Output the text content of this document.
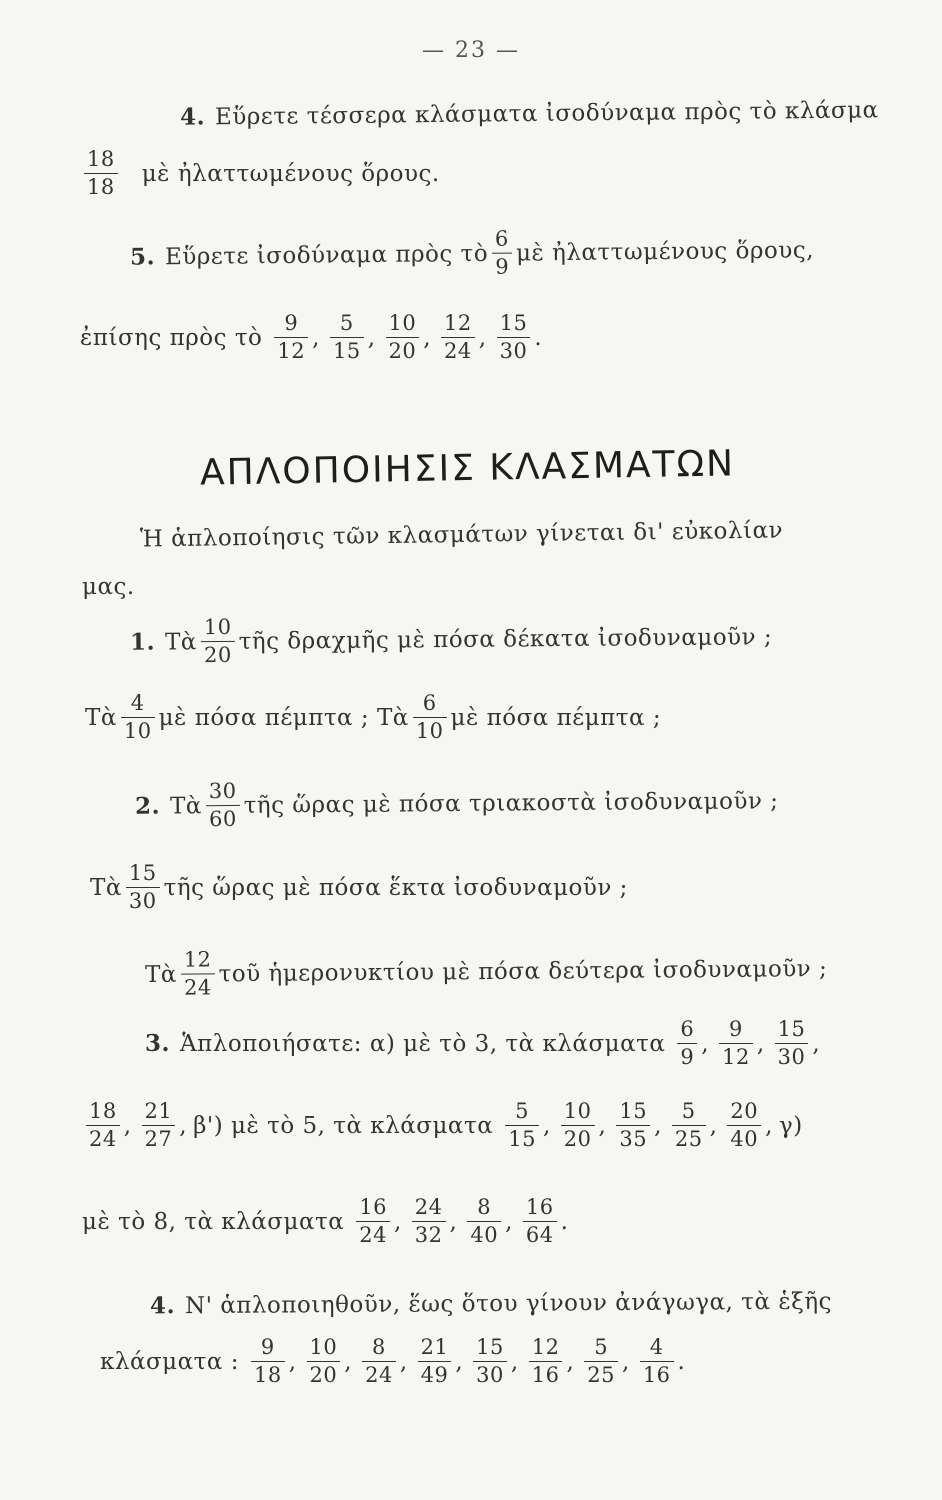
— 23 —
4. Εὕρετε τέσσερα κλάσματα ἰσοδύναμα πρὸς τὸ κλάσμα
$\frac{18}{18}$ μὲ ἠλαττωμένους ὅρους.
5. Εὕρετε ἰσοδύναμα πρὸς τὸ $\frac{6}{9}$ μὲ ἠλαττωμένους ὅρους,
ἐπίσης πρὸς τὸ $\frac{9}{12}$ , $\frac{5}{15}$ , $\frac{10}{20}$ , $\frac{12}{24}$ , $\frac{15}{30}$ .
ΑΠΛΟΠΟΙΗΣΙΣ ΚΛΑΣΜΑΤΩΝ
Ἡ ἁπλοποίησις τῶν κλασμάτων γίνεται δι' εὐκολίαν
μας.
1. Τὰ $\frac{10}{20}$ τῆς δραχμῆς μὲ πόσα δέκατα ἰσοδυναμοῦν ;
Τὰ $\frac{4}{10}$ μὲ πόσα πέμπτα ; Τὰ $\frac{6}{10}$ μὲ πόσα πέμπτα ;
2. Τὰ $\frac{30}{60}$ τῆς ὥρας μὲ πόσα τριακοστὰ ἰσοδυναμοῦν ;
Τὰ $\frac{15}{30}$ τῆς ὥρας μὲ πόσα ἕκτα ἰσοδυναμοῦν ;
Τὰ $\frac{12}{24}$ τοῦ ἡμερονυκτίου μὲ πόσα δεύτερα ἰσοδυναμοῦν ;
3. Ἁπλοποιήσατε: α) μὲ τὸ 3, τὰ κλάσματα $\frac{6}{9}$ , $\frac{9}{12}$ , $\frac{15}{30}$ ,
$\frac{18}{24}$ , $\frac{21}{27}$ , β') μὲ τὸ 5, τὰ κλάσματα $\frac{5}{15}$ , $\frac{10}{20}$ , $\frac{15}{35}$ , $\frac{5}{25}$ , $\frac{20}{40}$ , γ)
μὲ τὸ 8, τὰ κλάσματα $\frac{16}{24}$ , $\frac{24}{32}$ , $\frac{8}{40}$ , $\frac{16}{64}$ .
4. Ν' ἁπλοποιηθοῦν, ἕως ὅτου γίνουν ἀνάγωγα, τὰ ἑξῆς
κλάσματα : $\frac{9}{18}$ , $\frac{10}{20}$ , $\frac{8}{24}$ , $\frac{21}{49}$ , $\frac{15}{30}$ , $\frac{12}{16}$ , $\frac{5}{25}$ , $\frac{4}{16}$ .
